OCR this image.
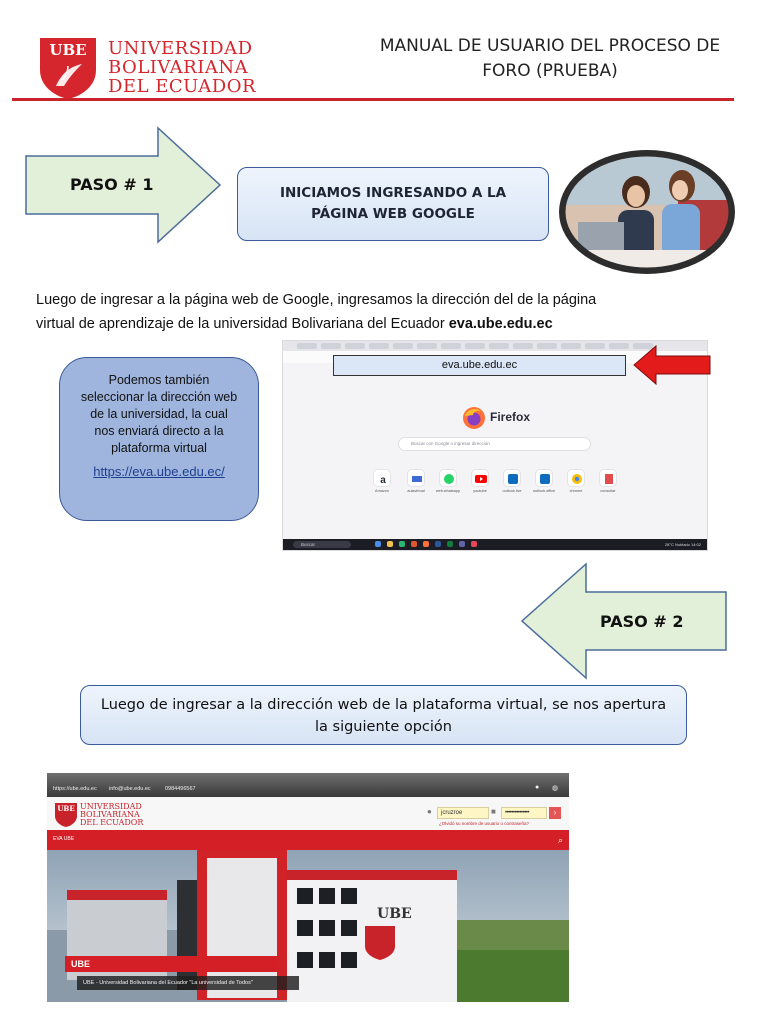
UBE UNIVERSIDAD
BOLIVARIANA
DEL ECUADOR
MANUAL DE USUARIO DEL PROCESO DE
FORO (PRUEBA)
PASO # 1	INICIAMOS INGRESANDO A LA
PÁGINA WEB GOOGLE
Luego de ingresar a la página web de Google, ingresamos la dirección del de la página
virtual de aprendizaje de la universidad Bolivariana del Ecuador eva.ube.edu.ec
Podemos también
seleccionar la dirección web
de la universidad, la cual
nos enviará directo a la
plataforma virtual
https://eva.ube.edu.ec/
a
Amazon	aulavirtual	web.whatsapp	youtube	outlook.live	outlook.office	chrome	consultar
Buscar	28°C Nublado 14:02
eva.ube.edu.ec
Firefox
Buscar con Google o ingresar dirección
PASO # 2
Luego de ingresar a la dirección web de la plataforma virtual, se nos apertura
la siguiente opción
https://ube.edu.ec info@ube.edu.ec	0984496567	● ◍
UBE UNIVERSIDAD
BOLIVARIANA
DEL ECUADOR
●	■
jcruzroe	•••••••••••••••	›
¿Olvidó su nombre de usuario o contraseña?
EVA UBE	⌕
UBE
UBE
UBE - Universidad Bolivariana del Ecuador "La universidad de Todos"
